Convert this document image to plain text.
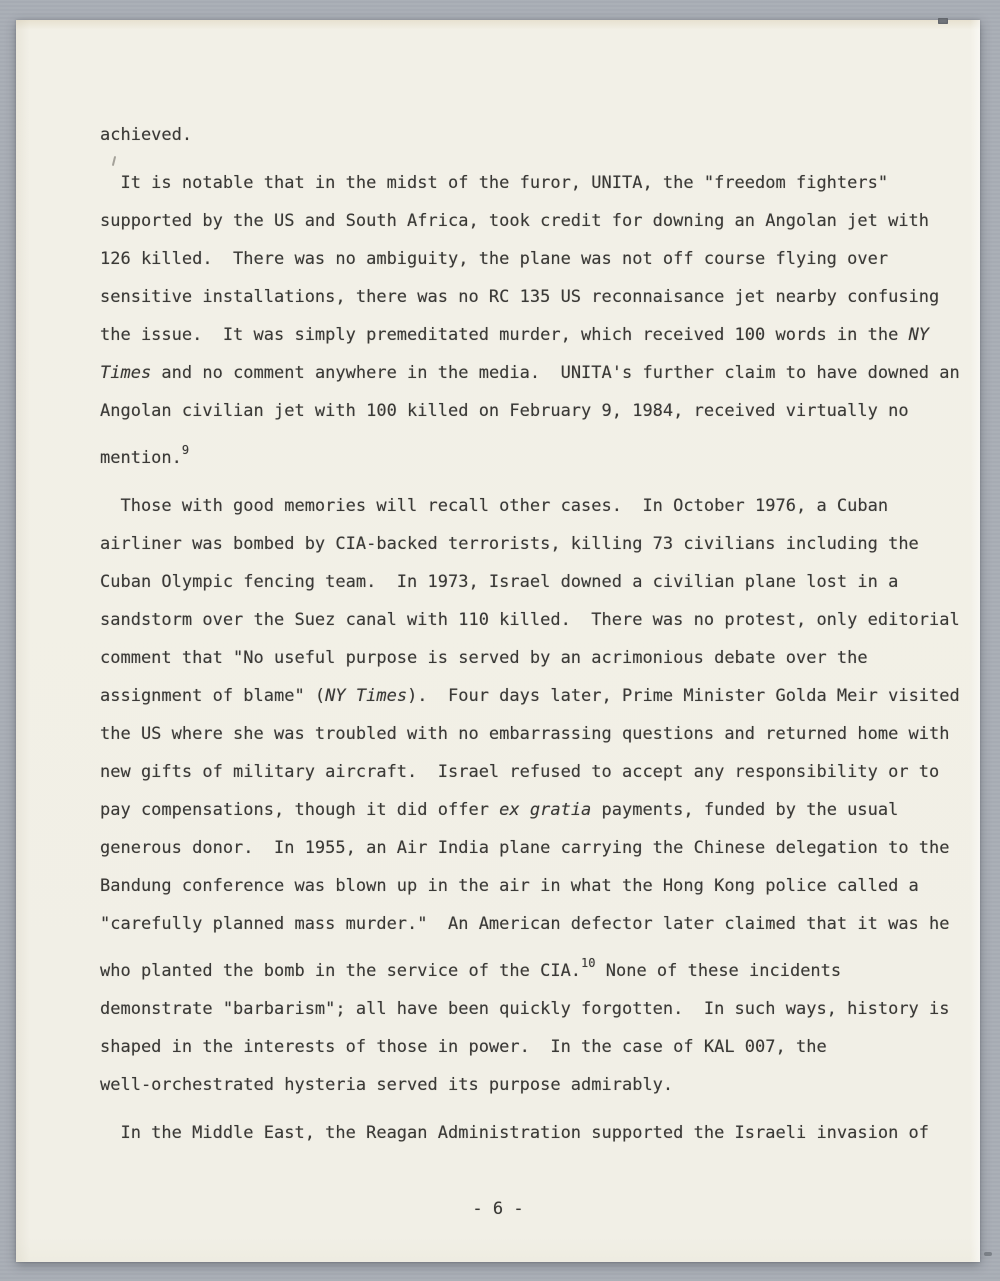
achieved.
It is notable that in the midst of the furor, UNITA, the "freedom fighters"
supported by the US and South Africa, took credit for downing an Angolan jet with
126 killed.  There was no ambiguity, the plane was not off course flying over
sensitive installations, there was no RC 135 US reconnaisance jet nearby confusing
the issue.  It was simply premeditated murder, which received 100 words in the NY
Times and no comment anywhere in the media.  UNITA's further claim to have downed an
Angolan civilian jet with 100 killed on February 9, 1984, received virtually no
mention.$^9$
Those with good memories will recall other cases.  In October 1976, a Cuban
airliner was bombed by CIA-backed terrorists, killing 73 civilians including the
Cuban Olympic fencing team.  In 1973, Israel downed a civilian plane lost in a
sandstorm over the Suez canal with 110 killed.  There was no protest, only editorial
comment that "No useful purpose is served by an acrimonious debate over the
assignment of blame" (NY Times).  Four days later, Prime Minister Golda Meir visited
the US where she was troubled with no embarrassing questions and returned home with
new gifts of military aircraft.  Israel refused to accept any responsibility or to
pay compensations, though it did offer ex gratia payments, funded by the usual
generous donor.  In 1955, an Air India plane carrying the Chinese delegation to the
Bandung conference was blown up in the air in what the Hong Kong police called a
"carefully planned mass murder."  An American defector later claimed that it was he
who planted the bomb in the service of the CIA.$^{10}$ None of these incidents
demonstrate "barbarism"; all have been quickly forgotten.  In such ways, history is
shaped in the interests of those in power.  In the case of KAL 007, the
well-orchestrated hysteria served its purpose admirably.
In the Middle East, the Reagan Administration supported the Israeli invasion of
- 6 -
